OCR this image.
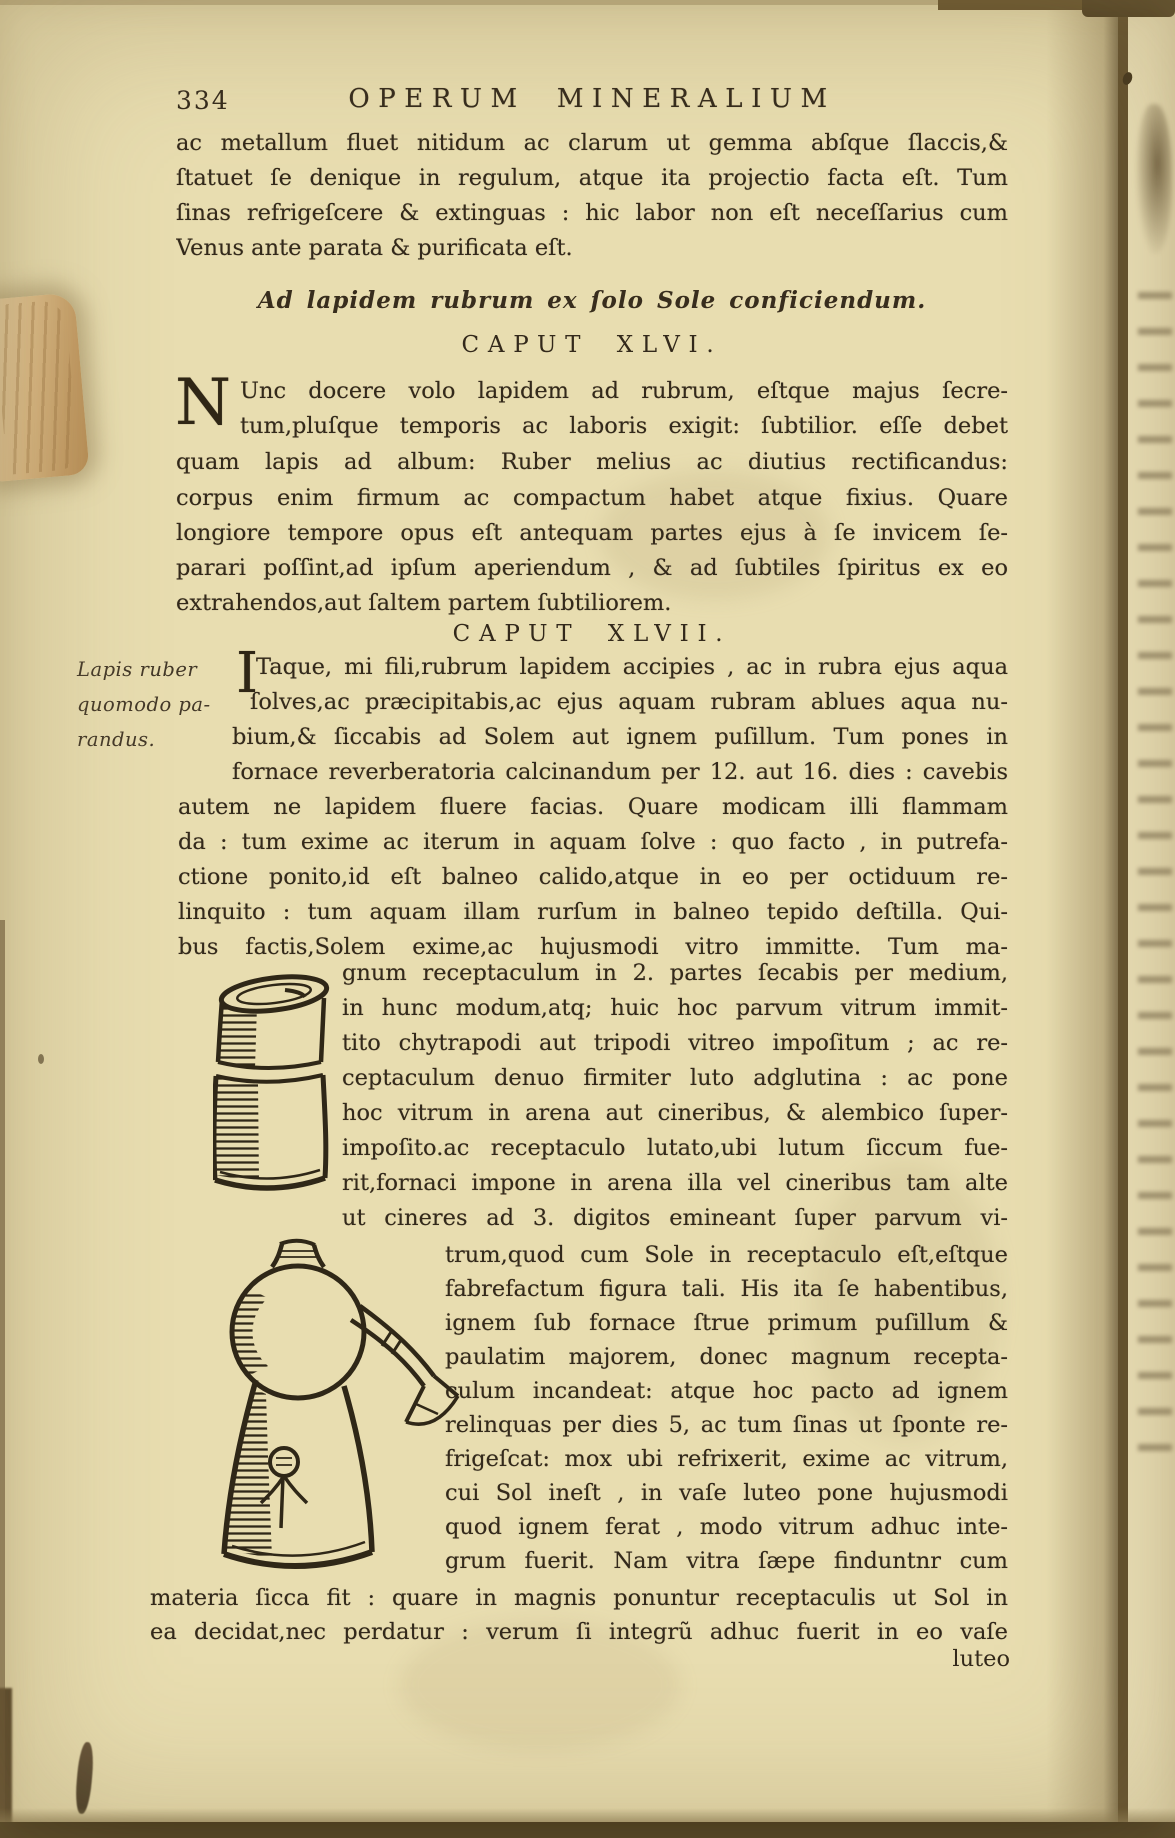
334	OPERUM MINERALIUM
ac metallum fluet nitidum ac clarum ut gemma abſque ſlaccis,&
ſtatuet ſe denique in regulum, atque ita projectio facta eſt. Tum
ſinas refrigeſcere & extinguas : hic labor non eſt neceſſarius cum
Venus ante parata & purificata eſt.
Ad lapidem rubrum ex ſolo Sole conficiendum.
CAPUT XLVI.
N Unc docere volo lapidem ad rubrum, eſtque majus ſecre-
tum,pluſque temporis ac laboris exigit: ſubtilior. eſſe debet
quam lapis ad album: Ruber melius ac diutius rectificandus:
corpus enim firmum ac compactum habet atque fixius. Quare
longiore tempore opus eſt antequam partes ejus à ſe invicem ſe-
parari poſſint,ad ipſum aperiendum , & ad ſubtiles ſpiritus ex eo
extrahendos,aut ſaltem partem ſubtiliorem.
CAPUT XLVII.
Lapis ruber
quomodo pa-
randus.
I
Taque, mi fili,rubrum lapidem accipies , ac in rubra ejus aqua
ſolves,ac præcipitabis,ac ejus aquam rubram ablues aqua nu-
bium,& ſiccabis ad Solem aut ignem puſillum. Tum pones in
fornace reverberatoria calcinandum per 12. aut 16. dies : cavebis
autem ne lapidem fluere facias. Quare modicam illi flammam
da : tum exime ac iterum in aquam ſolve : quo facto , in putrefa-
ctione ponito,id eſt balneo calido,atque in eo per octiduum re-
linquito : tum aquam illam rurſum in balneo tepido deſtilla. Qui-
bus factis,Solem exime,ac hujusmodi vitro immitte. Tum ma-
gnum receptaculum in 2. partes ſecabis per medium,
in hunc modum,atq; huic hoc parvum vitrum immit-
tito chytrapodi aut tripodi vitreo impoſitum ; ac re-
ceptaculum denuo firmiter luto adglutina : ac pone
hoc vitrum in arena aut cineribus, & alembico ſuper-
impoſito.ac receptaculo lutato,ubi lutum ſiccum fue-
rit,fornaci impone in arena illa vel cineribus tam alte
ut cineres ad 3. digitos emineant ſuper parvum vi-
trum,quod cum Sole in receptaculo eſt,eſtque
fabrefactum figura tali. His ita ſe habentibus,
ignem ſub fornace ſtrue primum puſillum &
paulatim majorem, donec magnum recepta-
culum incandeat: atque hoc pacto ad ignem
relinquas per dies 5, ac tum ſinas ut ſponte re-
frigeſcat: mox ubi refrixerit, exime ac vitrum,
cui Sol ineſt , in vaſe luteo pone hujusmodi
quod ignem ferat , modo vitrum adhuc inte-
grum fuerit. Nam vitra ſæpe finduntnr cum
materia ſicca fit : quare in magnis ponuntur receptaculis ut Sol in
ea decidat,nec perdatur : verum ſi integrũ adhuc fuerit in eo vaſe
luteo
